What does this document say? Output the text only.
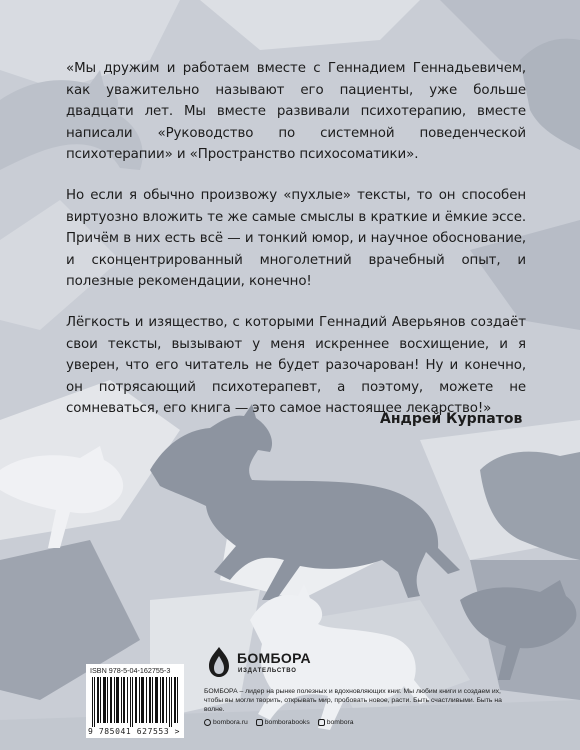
«Мы дружим и работаем вместе с Геннадием Геннадьевичем, как уважительно называют его пациенты, уже больше двадцати лет. Мы вместе развивали психотерапию, вместе написали «Руководство по системной поведенческой психотерапии» и «Пространство психосоматики».

Но если я обычно произвожу «пухлые» тексты, то он способен виртуозно вложить те же самые смыслы в краткие и ёмкие эссе. Причём в них есть всё — и тонкий юмор, и научное обоснование, и сконцентрированный многолетний врачебный опыт, и полезные рекомендации, конечно!

Лёгкость и изящество, с которыми Геннадий Аверьянов создаёт свои тексты, вызывают у меня искреннее восхищение, и я уверен, что его читатель не будет разочарован! Ну и конечно, он потрясающий психотерапевт, а поэтому, можете не сомневаться, его книга — это самое настоящее лекарство!»

Андрей Курпатов
ISBN 978-5-04-162755-3
9 785041 627553 >
БОМБОРА
ИЗДАТЕЛЬСТВО
БОМБОРА – лидер на рынке полезных и вдохновляющих книг. Мы любим книги и создаем их, чтобы вы могли творить, открывать мир, пробовать новое, расти. Быть счастливыми. Быть на волне.
bombora.ru	bomborabooks	bombora
